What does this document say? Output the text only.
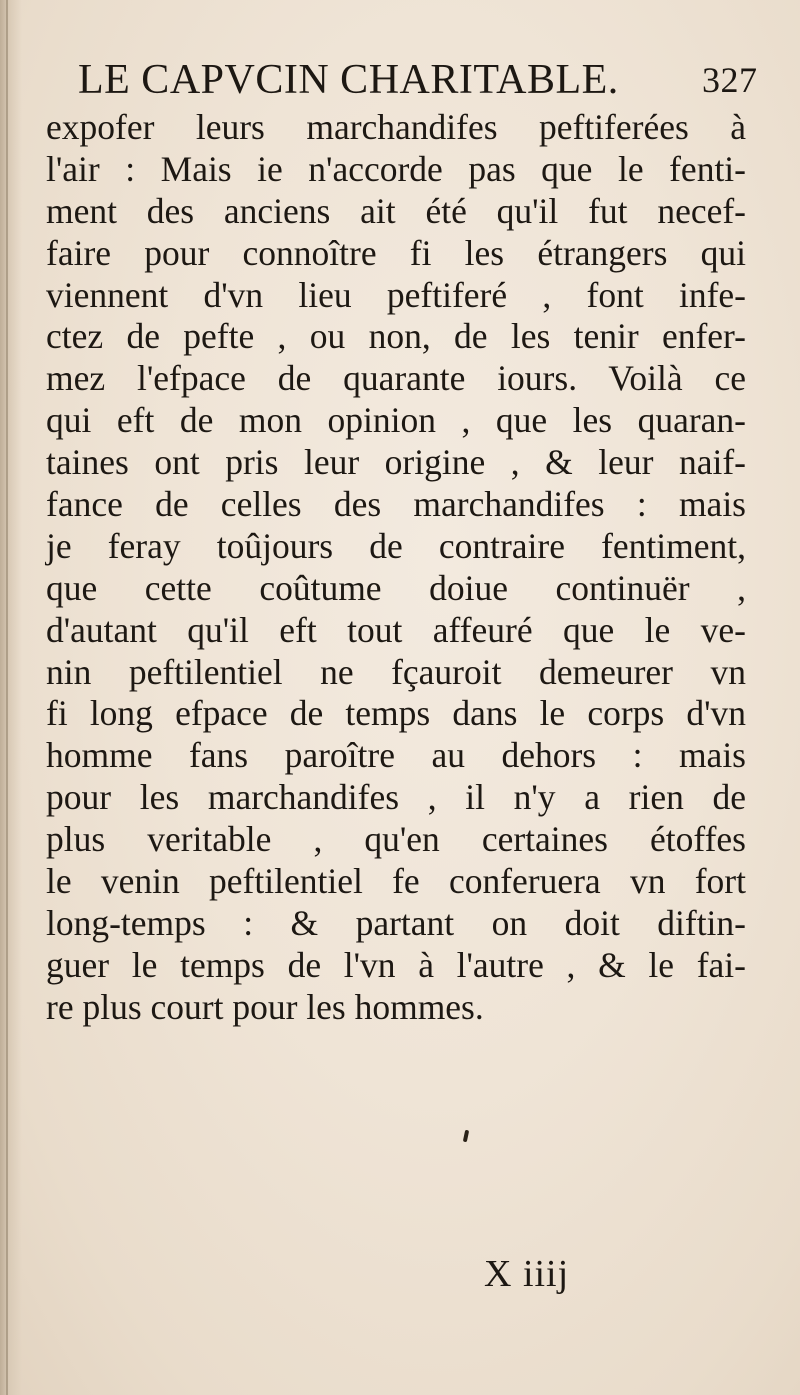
LE CAPVCIN CHARITABLE. 327
expofer leurs marchandifes peftiferées à
l'air : Mais ie n'accorde pas que le fenti-
ment des anciens ait été qu'il fut necef-
faire pour connoître fi les étrangers qui
viennent d'vn lieu peftiferé , font infe-
ctez de pefte , ou non, de les tenir enfer-
mez l'efpace de quarante iours. Voilà ce
qui eft de mon opinion , que les quaran-
taines ont pris leur origine , & leur naif-
fance de celles des marchandifes : mais
je feray toûjours de contraire fentiment,
que cette coûtume doiue continuër ,
d'autant qu'il eft tout affeuré que le ve-
nin peftilentiel ne fçauroit demeurer vn
fi long efpace de temps dans le corps d'vn
homme fans paroître au dehors : mais
pour les marchandifes , il n'y a rien de
plus veritable , qu'en certaines étoffes
le venin peftilentiel fe conferuera vn fort
long-temps : & partant on doit diftin-
guer le temps de l'vn à l'autre , & le fai-
re plus court pour les hommes.
X iiij
